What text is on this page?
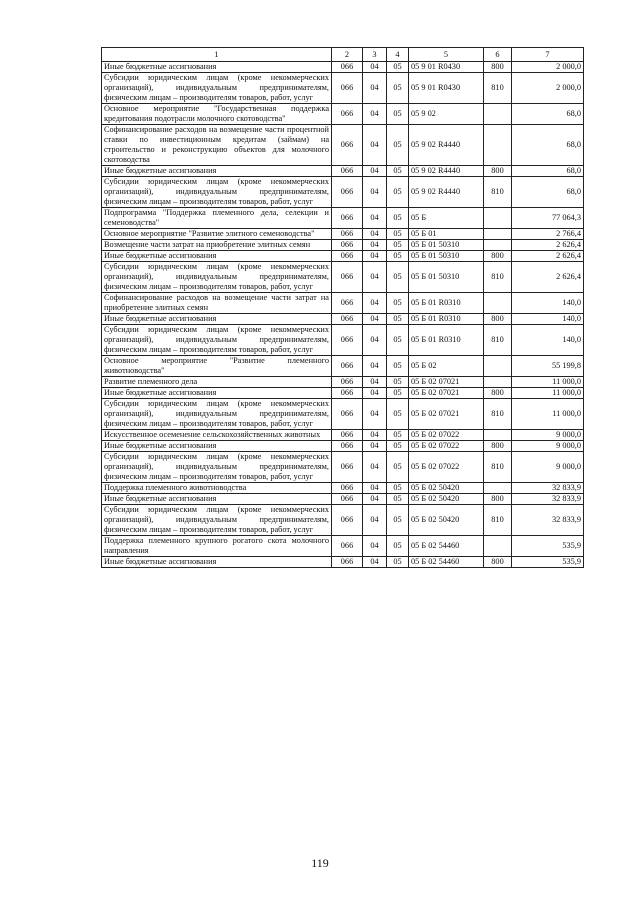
1	2	3	4	5	6	7
Иные бюджетные ассигнования	066	04	05	05 9 01 R0430	800	2 000,0
Субсидии юридическим лицам (кроме некоммерческих организаций), индивидуальным предпринимателям, физическим лицам – производителям товаров, работ, услуг	066	04	05	05 9 01 R0430	810	2 000,0
Основное мероприятие "Государственная поддержка кредитования подотрасли молочного скотоводства"	066	04	05	05 9 02		68,0
Софинансирование расходов на возмещение части процентной ставки по инвестиционным кредитам (займам) на строительство и реконструкцию объектов для молочного скотоводства	066	04	05	05 9 02 R4440		68,0
Иные бюджетные ассигнования	066	04	05	05 9 02 R4440	800	68,0
Субсидии юридическим лицам (кроме некоммерческих организаций), индивидуальным предпринимателям, физическим лицам – производителям товаров, работ, услуг	066	04	05	05 9 02 R4440	810	68,0
Подпрограмма "Поддержка племенного дела, селекции и семеноводства"	066	04	05	05 Б		77 064,3
Основное мероприятие "Развитие элитного семеноводства"	066	04	05	05 Б 01		2 766,4
Возмещение части затрат на приобретение элитных семян	066	04	05	05 Б 01 50310		2 626,4
Иные бюджетные ассигнования	066	04	05	05 Б 01 50310	800	2 626,4
Субсидии юридическим лицам (кроме некоммерческих организаций), индивидуальным предпринимателям, физическим лицам – производителям товаров, работ, услуг	066	04	05	05 Б 01 50310	810	2 626,4
Софинансирование расходов на возмещение части затрат на приобретение элитных семян	066	04	05	05 Б 01 R0310		140,0
Иные бюджетные ассигнования	066	04	05	05 Б 01 R0310	800	140,0
Субсидии юридическим лицам (кроме некоммерческих организаций), индивидуальным предпринимателям, физическим лицам – производителям товаров, работ, услуг	066	04	05	05 Б 01 R0310	810	140,0
Основное мероприятие "Развитие племенного животноводства"	066	04	05	05 Б 02		55 199,8
Развитие племенного дела	066	04	05	05 Б 02 07021		11 000,0
Иные бюджетные ассигнования	066	04	05	05 Б 02 07021	800	11 000,0
Субсидии юридическим лицам (кроме некоммерческих организаций), индивидуальным предпринимателям, физическим лицам – производителям товаров, работ, услуг	066	04	05	05 Б 02 07021	810	11 000,0
Искусственное осеменение сельскохозяйственных животных	066	04	05	05 Б 02 07022		9 000,0
Иные бюджетные ассигнования	066	04	05	05 Б 02 07022	800	9 000,0
Субсидии юридическим лицам (кроме некоммерческих организаций), индивидуальным предпринимателям, физическим лицам – производителям товаров, работ, услуг	066	04	05	05 Б 02 07022	810	9 000,0
Поддержка племенного животноводства	066	04	05	05 Б 02 50420		32 833,9
Иные бюджетные ассигнования	066	04	05	05 Б 02 50420	800	32 833,9
Субсидии юридическим лицам (кроме некоммерческих организаций), индивидуальным предпринимателям, физическим лицам – производителям товаров, работ, услуг	066	04	05	05 Б 02 50420	810	32 833,9
Поддержка племенного крупного рогатого скота молочного направления	066	04	05	05 Б 02 54460		535,9
Иные бюджетные ассигнования	066	04	05	05 Б 02 54460	800	535,9
119
